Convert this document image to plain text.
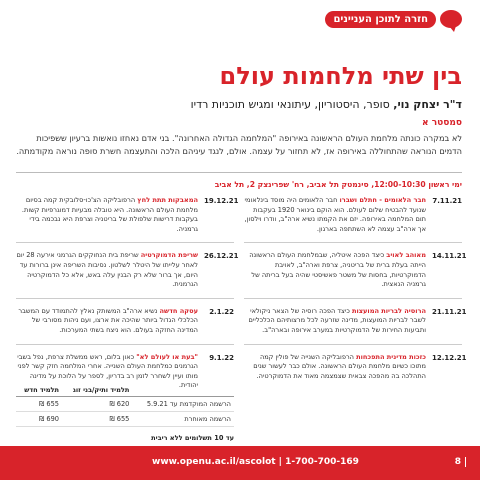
חזרה לתוכן העניינים
בין שתי מלחמות עולם
ד"ר יצחק נוי, סופר, היסטוריון, עיתונאי ומגיש תוכניות רדיו
סמסטר א
לא במקרה כונתה מלחמת העולם הראשונה באירופה "המלחמה הגדולה האחרונה". בני אדם נאחזו נואשות ברעיון ששפיכות הדמים הנוראה שהתחוללה באירופה אז, לא תחזור על עצמה. אולם, לנגד עיניהם הלכה והתעצמה חשרת סופה נוראה מקודמתה.
ימי ראשון 12:00-10:30, סינמטק תל אביב, רח' שפרינצק 2, תל אביב
7.11.21
חבר הלאומים - חתלם ושברו חבר הלאומים היה מוסד בינלאומי שנועד להבטיח שלום לעולם. הוא הוקם בינואר 1920 בעקבות תום המלחמה באירופה. יזם את הקמתו נשיא ארה"ב, וודרו וילסון, אך ארה"ב עצמה לא השתתפה בארגון.
14.11.21
מאוהב לאויב כיצד הפכה איטליה, שבמלחמת העולם הראשונה הייתה בעלת ברית של בריטניה, צרפת וארה"ב, לאויבת הדמוקרטיות, בחסות של משטר פאשיסטי שהיה בעל בריתה של גרמניה הנאצית.
21.11.21
הרוסיה לבריות המועצות כיצד הפכה רוסיה של הצאר ניקולאי לשבר לבריות המועצות, מדינה שזרעה לכל מרצותיהם הכלכליים ותביעות החירות של הדמוקרטיות במערב אירופה ובארה"ב.
12.12.21
כזכות מדינית התפכחות הרפובליקה השנייה של פולין קמה מתוכו כשיום מלחמת העולם הראשונה. אולם כבר לעשור שנים התהלכה בה מהפכה צבאית שצמצמה מאוד את הדמוקרטיה.
19.12.21
המאבקות תתת לחץ הרפובליקה הצ'כו-סלובקית קמה בסיום מלחמת העולם הראשונה. היא טובלה מבעיות דמוגרפיות קשות. בעקבות דרישות שלפולת של בריטניה וצרפת היא נבכמה בידי גרמניה.
26.12.21
שריפת הדמוקרטיה שריפת בית הנחוקקים הגרמני אירעה 28 יום לאחר עלייתו של היטלר לשלטון. נסיבות השריפה אינן ברורות עד היום, אך ברור שלא רק הבנין עלה באש, אלא כל הדמוקרטיה הגרמנית.
2.1.22
עסקה חדשה נשיא ארה"ב המשותק נאלץ להתמודד עם המשבר הכלכלי הגדול ביותר שהיכה את ארצו, ועם ניהות מסורבי של המדינה החזקה בעולם. הוא ניצח בשתי המערכות.
9.1.22
"בעת או לעולם לא" כאון בלום, ראש ממשלת צרפת, נפל בשבי הגרמנים כמלחמת העולם השנייה. אחרי המלחמה חזק קשר לפני מותו ועיין לשחרר לזמן רב בדריון, לספר על הלוכת על מדינה יהודית.
	תלמיד ותיק/בני זוג	תלמיד חדש
הרשמה המוקדמת עד 5.9.21	₪ 620	₪ 655
הרשמה מאוחרת	₪ 655	₪ 690
עד 10 תשלומים ללא ריבית
8
www.openu.ac.il/ascolot | 1-700-700-169
